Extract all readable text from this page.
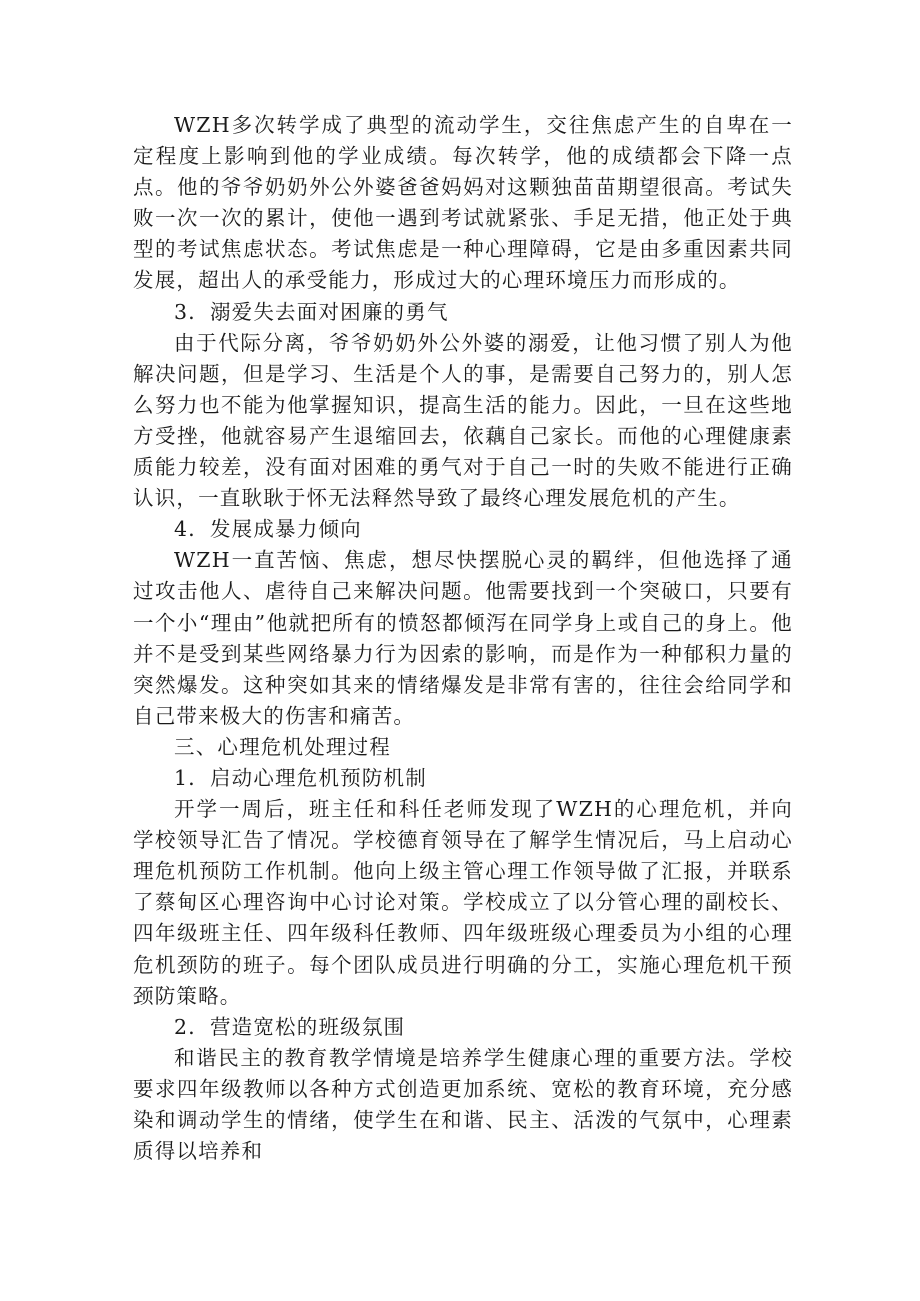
WZH多次转学成了典型的流动学生，交往焦虑产生的自卑在一定程度上影响到他的学业成绩。每次转学，他的成绩都会下降一点点。他的爷爷奶奶外公外婆爸爸妈妈对这颗独苗苗期望很高。考试失败一次一次的累计，使他一遇到考试就紧张、手足无措，他正处于典型的考试焦虑状态。考试焦虑是一种心理障碍，它是由多重因素共同发展，超出人的承受能力，形成过大的心理环境压力而形成的。

3．溺爱失去面对困廉的勇气

由于代际分离，爷爷奶奶外公外婆的溺爱，让他习惯了别人为他解决问题，但是学习、生活是个人的事，是需要自己努力的，别人怎么努力也不能为他掌握知识，提高生活的能力。因此，一旦在这些地方受挫，他就容易产生退缩回去，依藕自己家长。而他的心理健康素质能力较差，没有面对困难的勇气对于自己一时的失败不能进行正确认识，一直耿耿于怀无法释然导致了最终心理发展危机的产生。

4．发展成暴力倾向

WZH一直苦恼、焦虑，想尽快摆脱心灵的羁绊，但他选择了通过攻击他人、虐待自己来解决问题。他需要找到一个突破口，只要有一个小“理由”他就把所有的愤怒都倾泻在同学身上或自己的身上。他并不是受到某些网络暴力行为因索的影响，而是作为一种郁积力量的突然爆发。这种突如其来的情绪爆发是非常有害的，往往会给同学和自己带来极大的伤害和痛苦。

三、心理危机处理过程

1．启动心理危机预防机制

开学一周后，班主任和科任老师发现了WZH的心理危机，并向学校领导汇告了情况。学校德育领导在了解学生情况后，马上启动心理危机预防工作机制。他向上级主管心理工作领导做了汇报，并联系了蔡甸区心理咨询中心讨论对策。学校成立了以分管心理的副校长、四年级班主任、四年级科任教师、四年级班级心理委员为小组的心理危机颈防的班子。每个团队成员进行明确的分工，实施心理危机干预颈防策略。

2．营造宽松的班级氛围

和谐民主的教育教学情境是培养学生健康心理的重要方法。学校要求四年级教师以各种方式创造更加系统、宽松的教育环境，充分感染和调动学生的情绪，使学生在和谐、民主、活泼的气氛中，心理素质得以培养和
